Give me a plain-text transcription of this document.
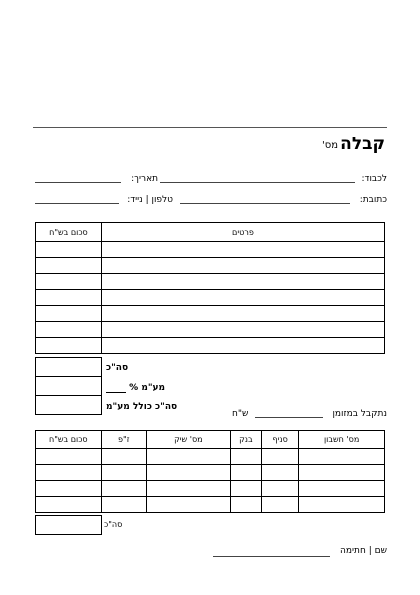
קבלה
מס'
לכבוד:
תאריך:
כתובת:
טלפון | נייד:
פרטים	סכום בש"ח

סה"כ
% מע"מ
סה"כ כולל מע"מ
נתקבל במזומן
ש"ח
מס' חשבון	סניף	בנק	מס' שיק	ז"פ	סכום בש"ח

סה"כ
שם | חתימה
